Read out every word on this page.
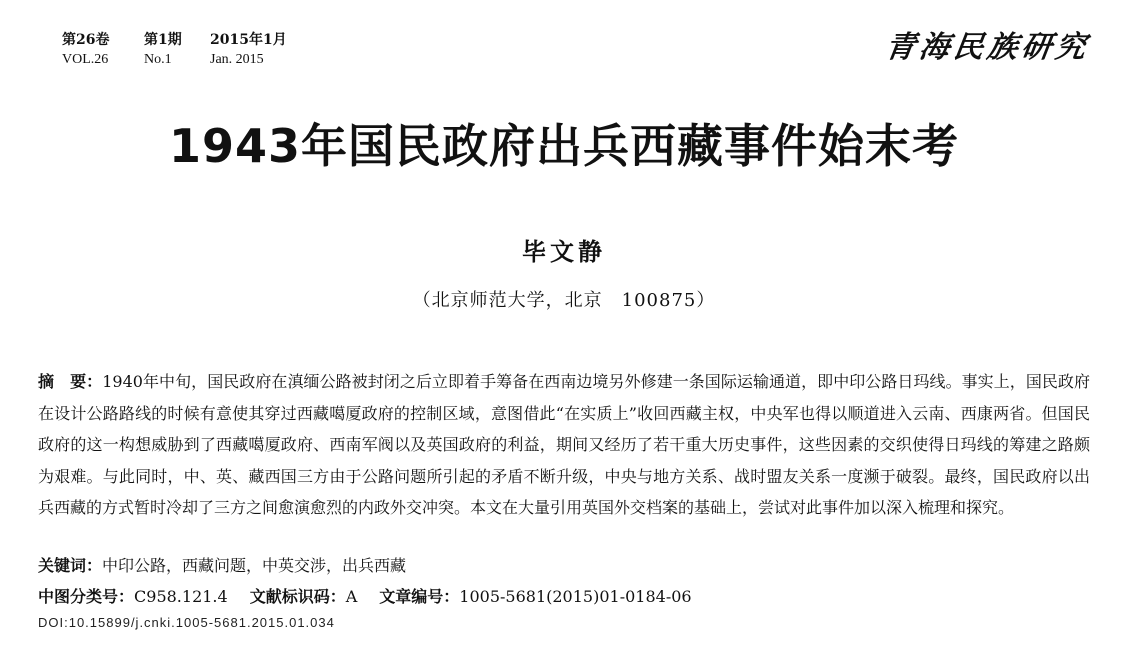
第26卷	第1期	2015年1月
VOL.26	No.1	Jan. 2015	青海民族研究
1943年国民政府出兵西藏事件始末考
毕文静
（北京师范大学，北京　100875）
摘　要：1940年中旬，国民政府在滇缅公路被封闭之后立即着手筹备在西南边境另外修建一条国际运输通道，即中印公路日玛线。事实上，国民政府在设计公路路线的时候有意使其穿过西藏噶厦政府的控制区域，意图借此“在实质上”收回西藏主权，中央军也得以顺道进入云南、西康两省。但国民政府的这一构想威胁到了西藏噶厦政府、西南军阀以及英国政府的利益，期间又经历了若干重大历史事件，这些因素的交织使得日玛线的筹建之路颇为艰难。与此同时，中、英、藏西国三方由于公路问题所引起的矛盾不断升级，中央与地方关系、战时盟友关系一度濒于破裂。最终，国民政府以出兵西藏的方式暂时冷却了三方之间愈演愈烈的内政外交冲突。本文在大量引用英国外交档案的基础上，尝试对此事件加以深入梳理和探究。
关键词：中印公路，西藏问题，中英交涉，出兵西藏
中图分类号：C958.121.4 文献标识码：A 文章编号：1005-5681(2015)01-0184-06
DOI:10.15899/j.cnki.1005-5681.2015.01.034
